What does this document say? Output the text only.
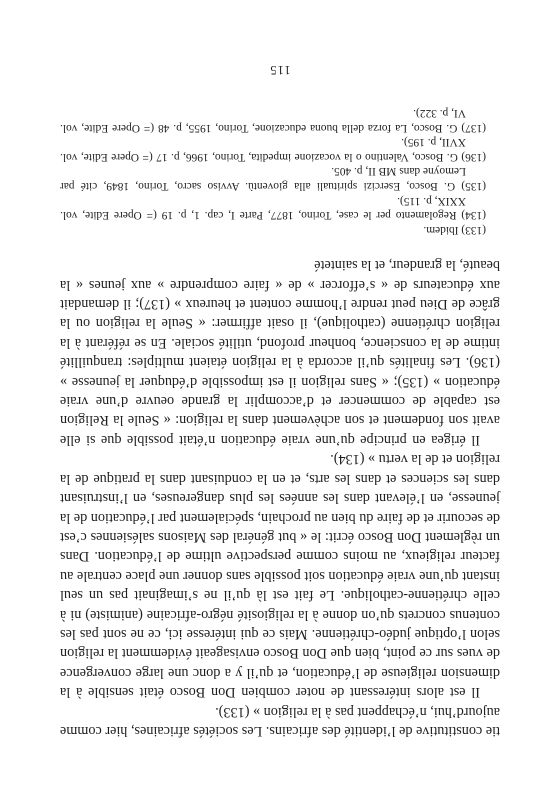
tie constitutive de l’identité des africains. Les sociétés africaines, hier comme aujourd’hui, n’échappent pas à la religion » (133).

Il est alors intéressant de noter combien Don Bosco était sensible à la dimension religieuse de l’éducation, et qu’il y a donc une large convergence de vues sur ce point, bien que Don Bosco envisageait évidemment la religion selon l’optique judéo-chrétienne. Mais ce qui intéresse ici, ce ne sont pas les contenus concrets qu’on donne à la religiosité négro-africaine (animiste) ni à celle chrétienne-catholique. Le fait est là qu’il ne s’imaginait pas un seul instant qu’une vraie éducation soit possible sans donner une place centrale au facteur religieux, au moins comme perspective ultime de l’éducation. Dans un règlement Don Bosco écrit: le « but général des Maisons salésiennes c’est de secourir et de faire du bien au prochain, spécialement par l’éducation de la jeunesse, en l’élevant dans les années les plus dangereuses, en l’instruisant dans les sciences et dans les arts, et en la conduisant dans la pratique de la religion et de la vertu » (134).

Il érigea en principe qu’une vraie éducation n’était possible que si elle avait son fondement et son achèvement dans la religion: « Seule la Religion est capable de commencer et d’accomplir la grande oeuvre d’une vraie éducation » (135); « Sans religion il est impossible d’éduquer la jeunesse » (136). Les finalités qu’il accorda à la religion étaient multiples: tranquillité intime de la conscience, bonheur profond, utilité sociale. En se référant à la religion chrétienne (catholique), il osait affirmer: « Seule la religion ou la grâce de Dieu peut rendre l’homme content et heureux » (137); il demandait aux éducateurs de « s’efforcer » de « faire comprendre » aux jeunes « la beauté, la grandeur, et la sainteté

(133) Ibidem.

(134) Regolamento per le case, Torino, 1877, Parte I, cap. 1, p. 19 (= Opere Edite, vol. XXIX, p. 115).

(135) G. Bosco, Esercizi spirituali alla gioventù. Avviso sacro, Torino, 1849, cité par Lemoyne dans MB II, p. 405.

(136) G. Bosco, Valentino o la vocazione impedita, Torino, 1966, p. 17 (= Opere Edite, vol. XVII, p. 195).

(137) G. Bosco, La forza della buona educazione, Torino, 1955, p. 48 (= Opere Edite, vol. VI, p. 322).

115
